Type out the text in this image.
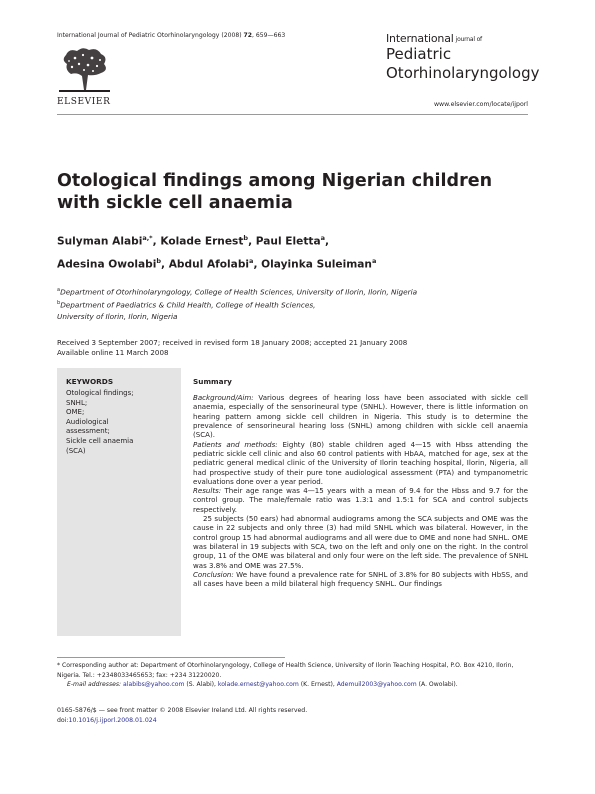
International Journal of Pediatric Otorhinolaryngology (2008) 72, 659—663
ELSEVIER
International journal of
Pediatric
Otorhinolaryngology
www.elsevier.com/locate/ijporl
Otological findings among Nigerian children with sickle cell anaemia
Sulyman Alabi$^{a,*}$, Kolade Ernest$^b$, Paul Eletta$^a$,
Adesina Owolabi$^b$, Abdul Afolabi$^a$, Olayinka Suleiman$^a$
$^a$Department of Otorhinolaryngology, College of Health Sciences, University of Ilorin, Ilorin, Nigeria
$^b$Department of Paediatrics & Child Health, College of Health Sciences,
University of Ilorin, Ilorin, Nigeria
Received 3 September 2007; received in revised form 18 January 2008; accepted 21 January 2008
Available online 11 March 2008
KEYWORDS
Otological findings;
SNHL;
OME;
Audiological
assessment;
Sickle cell anaemia
(SCA)
Summary

Background/Aim: Various degrees of hearing loss have been associated with sickle cell anaemia, especially of the sensorineural type (SNHL). However, there is little information on hearing pattern among sickle cell children in Nigeria. This study is to determine the prevalence of sensorineural hearing loss (SNHL) among children with sickle cell anaemia (SCA).

Patients and methods: Eighty (80) stable children aged 4—15 with Hbss attending the pediatric sickle cell clinic and also 60 control patients with HbAA, matched for age, sex at the pediatric general medical clinic of the University of Ilorin teaching hospital, Ilorin, Nigeria, all had prospective study of their pure tone audiological assessment (PTA) and tympanometric evaluations done over a year period.

Results: Their age range was 4—15 years with a mean of 9.4 for the Hbss and 9.7 for the control group. The male/female ratio was 1.3:1 and 1.5:1 for SCA and control subjects respectively.

25 subjects (50 ears) had abnormal audiograms among the SCA subjects and OME was the cause in 22 subjects and only three (3) had mild SNHL which was bilateral. However, in the control group 15 had abnormal audiograms and all were due to OME and none had SNHL. OME was bilateral in 19 subjects with SCA, two on the left and only one on the right. In the control group, 11 of the OME was bilateral and only four were on the left side. The prevalence of SNHL was 3.8% and OME was 27.5%.

Conclusion: We have found a prevalence rate for SNHL of 3.8% for 80 subjects with HbSS, and all cases have been a mild bilateral high frequency SNHL. Our findings

* Corresponding author at: Department of Otorhinolaryngology, College of Health Science, University of Ilorin Teaching Hospital, P.O. Box 4210, Ilorin, Nigeria. Tel.: +2348033465653; fax: +234 31220020.
E-mail addresses: alabibs@yahoo.com (S. Alabi), kolade.ernest@yahoo.com (K. Ernest), Ademuil2003@yahoo.com (A. Owolabi).
0165-5876/$ — see front matter © 2008 Elsevier Ireland Ltd. All rights reserved.
doi:10.1016/j.ijporl.2008.01.024
